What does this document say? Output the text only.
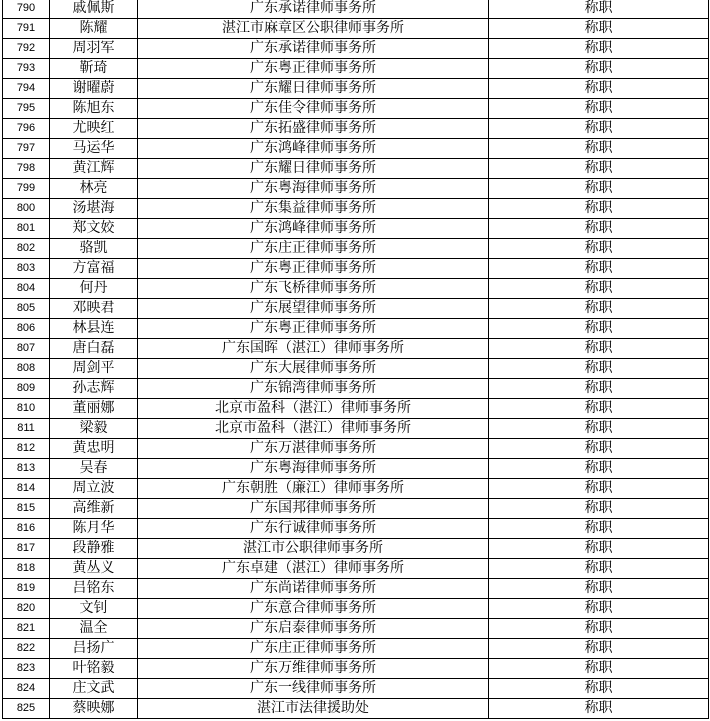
790	戚佩斯	广东承诺律师事务所	称职
791	陈耀	湛江市麻章区公职律师事务所	称职
792	周羽军	广东承诺律师事务所	称职
793	靳琦	广东粤正律师事务所	称职
794	谢曜蔚	广东耀日律师事务所	称职
795	陈旭东	广东佳令律师事务所	称职
796	尤映红	广东拓盛律师事务所	称职
797	马运华	广东鸿峰律师事务所	称职
798	黄江辉	广东耀日律师事务所	称职
799	林亮	广东粤海律师事务所	称职
800	汤堪海	广东集益律师事务所	称职
801	郑文姣	广东鸿峰律师事务所	称职
802	骆凯	广东庄正律师事务所	称职
803	方富福	广东粤正律师事务所	称职
804	何丹	广东飞桥律师事务所	称职
805	邓映君	广东展望律师事务所	称职
806	林县连	广东粤正律师事务所	称职
807	唐白磊	广东国晖（湛江）律师事务所	称职
808	周剑平	广东大展律师事务所	称职
809	孙志辉	广东锦湾律师事务所	称职
810	董丽娜	北京市盈科（湛江）律师事务所	称职
811	梁毅	北京市盈科（湛江）律师事务所	称职
812	黄忠明	广东万湛律师事务所	称职
813	吴春	广东粤海律师事务所	称职
814	周立波	广东朝胜（廉江）律师事务所	称职
815	高维新	广东国邦律师事务所	称职
816	陈月华	广东行诚律师事务所	称职
817	段静雅	湛江市公职律师事务所	称职
818	黄丛义	广东卓建（湛江）律师事务所	称职
819	吕铭东	广东尚诺律师事务所	称职
820	文钊	广东意合律师事务所	称职
821	温全	广东启泰律师事务所	称职
822	吕扬广	广东庄正律师事务所	称职
823	叶铭毅	广东万维律师事务所	称职
824	庄文武	广东一线律师事务所	称职
825	蔡映娜	湛江市法律援助处	称职
